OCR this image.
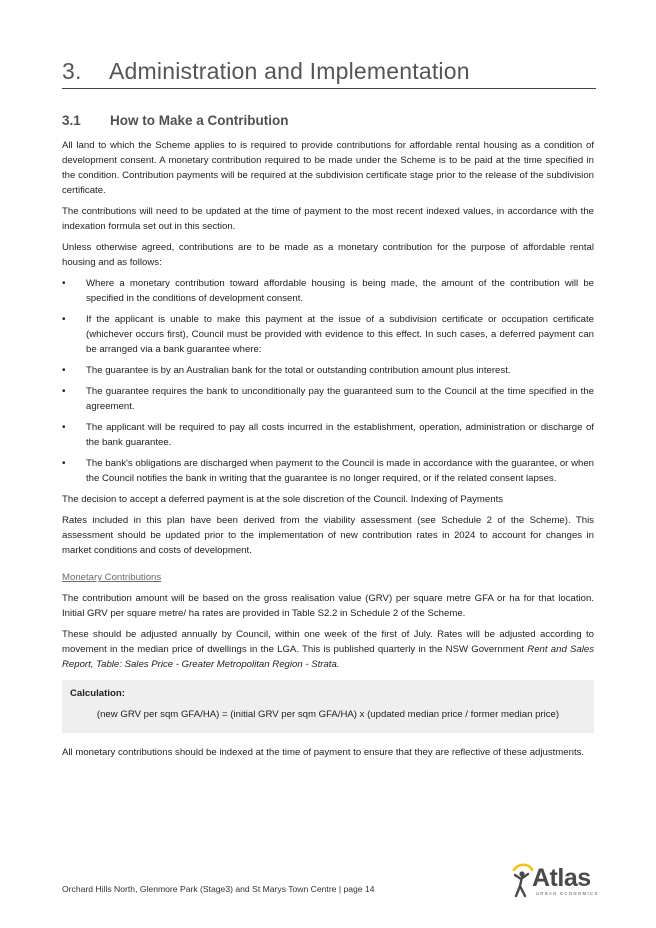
3. Administration and Implementation
3.1 How to Make a Contribution

All land to which the Scheme applies to is required to provide contributions for affordable rental housing as a condition of development consent. A monetary contribution required to be made under the Scheme is to be paid at the time specified in the condition. Contribution payments will be required at the subdivision certificate stage prior to the release of the subdivision certificate.

The contributions will need to be updated at the time of payment to the most recent indexed values, in accordance with the indexation formula set out in this section.

Unless otherwise agreed, contributions are to be made as a monetary contribution for the purpose of affordable rental housing and as follows:

• Where a monetary contribution toward affordable housing is being made, the amount of the contribution will be specified in the conditions of development consent.
• If the applicant is unable to make this payment at the issue of a subdivision certificate or occupation certificate (whichever occurs first), Council must be provided with evidence to this effect. In such cases, a deferred payment can be arranged via a bank guarantee where:
• The guarantee is by an Australian bank for the total or outstanding contribution amount plus interest.
• The guarantee requires the bank to unconditionally pay the guaranteed sum to the Council at the time specified in the agreement.
• The applicant will be required to pay all costs incurred in the establishment, operation, administration or discharge of the bank guarantee.
• The bank's obligations are discharged when payment to the Council is made in accordance with the guarantee, or when the Council notifies the bank in writing that the guarantee is no longer required, or if the related consent lapses.

The decision to accept a deferred payment is at the sole discretion of the Council. Indexing of Payments

Rates included in this plan have been derived from the viability assessment (see Schedule 2 of the Scheme). This assessment should be updated prior to the implementation of new contribution rates in 2024 to account for changes in market conditions and costs of development.

Monetary Contributions

The contribution amount will be based on the gross realisation value (GRV) per square metre GFA or ha for that location. Initial GRV per square metre/ ha rates are provided in Table S2.2 in Schedule 2 of the Scheme.

These should be adjusted annually by Council, within one week of the first of July. Rates will be adjusted according to movement in the median price of dwellings in the LGA. This is published quarterly in the NSW Government Rent and Sales Report, Table: Sales Price - Greater Metropolitan Region - Strata.

Calculation:

(new GRV per sqm GFA/HA) = (initial GRV per sqm GFA/HA) x (updated median price / former median price)

All monetary contributions should be indexed at the time of payment to ensure that they are reflective of these adjustments.

Orchard Hills North, Glenmore Park (Stage3) and St Marys Town Centre | page 14	Atlas
URBAN ECONOMICS
